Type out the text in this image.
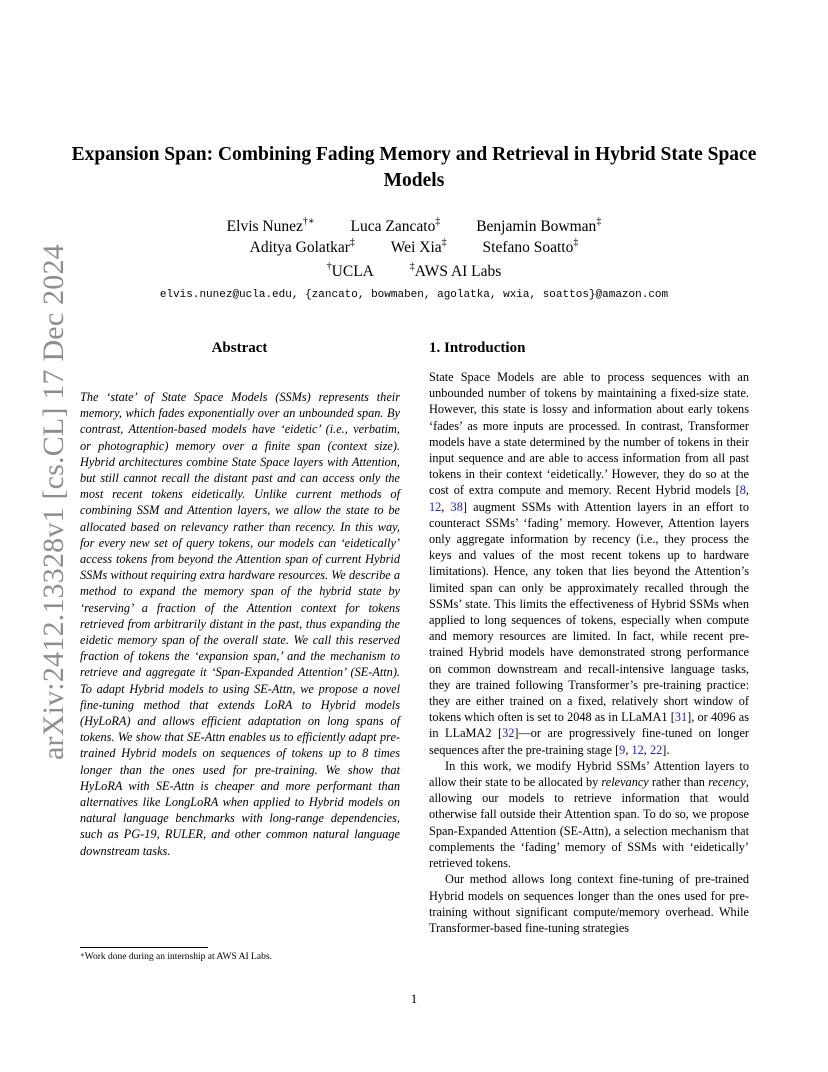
arXiv:2412.13328v1 [cs.CL] 17 Dec 2024
Expansion Span: Combining Fading Memory and Retrieval in Hybrid State Space Models
Elvis Nunez†∗ Luca Zancato‡ Benjamin Bowman‡
Aditya Golatkar‡ Wei Xia‡ Stefano Soatto‡
†UCLA	‡AWS AI Labs
elvis.nunez@ucla.edu, {zancato, bowmaben, agolatka, wxia, soattos}@amazon.com
Abstract	1. Introduction

The ‘state’ of State Space Models (SSMs) represents their memory, which fades exponentially over an unbounded span. By contrast, Attention-based models have ‘eidetic’ (i.e., verbatim, or photographic) memory over a finite span (context size). Hybrid architectures combine State Space layers with Attention, but still cannot recall the distant past and can access only the most recent tokens eidetically. Unlike current methods of combining SSM and Attention layers, we allow the state to be allocated based on relevancy rather than recency. In this way, for every new set of query tokens, our models can ‘eidetically’ access tokens from beyond the Attention span of current Hybrid SSMs without requiring extra hardware resources. We describe a method to expand the memory span of the hybrid state by ‘reserving’ a fraction of the Attention context for tokens retrieved from arbitrarily distant in the past, thus expanding the eidetic memory span of the overall state. We call this reserved fraction of tokens the ‘expansion span,’ and the mechanism to retrieve and aggregate it ‘Span-Expanded Attention’ (SE-Attn). To adapt Hybrid models to using SE-Attn, we propose a novel fine-tuning method that extends LoRA to Hybrid models (HyLoRA) and allows efficient adaptation on long spans of tokens. We show that SE-Attn enables us to efficiently adapt pre-trained Hybrid models on sequences of tokens up to 8 times longer than the ones used for pre-training. We show that HyLoRA with SE-Attn is cheaper and more performant than alternatives like LongLoRA when applied to Hybrid models on natural language benchmarks with long-range dependencies, such as PG-19, RULER, and other common natural language downstream tasks.

State Space Models are able to process sequences with an unbounded number of tokens by maintaining a fixed-size state. However, this state is lossy and information about early tokens ‘fades’ as more inputs are processed. In contrast, Transformer models have a state determined by the number of tokens in their input sequence and are able to access information from all past tokens in their context ‘eidetically.’ However, they do so at the cost of extra compute and memory. Recent Hybrid models [8, 12, 38] augment SSMs with Attention layers in an effort to counteract SSMs’ ‘fading’ memory. However, Attention layers only aggregate information by recency (i.e., they process the keys and values of the most recent tokens up to hardware limitations). Hence, any token that lies beyond the Attention’s limited span can only be approximately recalled through the SSMs’ state. This limits the effectiveness of Hybrid SSMs when applied to long sequences of tokens, especially when compute and memory resources are limited. In fact, while recent pre-trained Hybrid models have demonstrated strong performance on common downstream and recall-intensive language tasks, they are trained following Transformer’s pre-training practice: they are either trained on a fixed, relatively short window of tokens which often is set to 2048 as in LLaMA1 [31], or 4096 as in LLaMA2 [32]—or are progressively fine-tuned on longer sequences after the pre-training stage [9, 12, 22].

In this work, we modify Hybrid SSMs’ Attention layers to allow their state to be allocated by relevancy rather than recency, allowing our models to retrieve information that would otherwise fall outside their Attention span. To do so, we propose Span-Expanded Attention (SE-Attn), a selection mechanism that complements the ‘fading’ memory of SSMs with ‘eidetically’ retrieved tokens.

Our method allows long context fine-tuning of pre-trained Hybrid models on sequences longer than the ones used for pre-training without significant compute/memory overhead. While Transformer-based fine-tuning strategies

∗Work done during an internship at AWS AI Labs.
1
